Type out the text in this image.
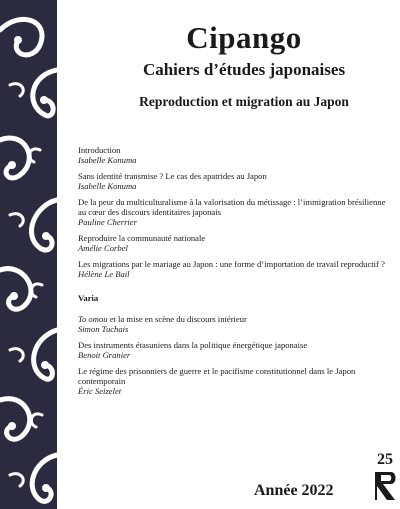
Cipango
Cahiers d’études japonaises
Reproduction et migration au Japon
Introduction
Isabelle Konuma
Sans identité transmise ? Le cas des apatrides au Japon
Isabelle Konuma
De la peur du multiculturalisme à la valorisation du métissage : l’immigration brésilienne au cœur des discours identitaires japonais
Pauline Cherrier
Reproduire la communauté nationale
Amélie Corbel
Les migrations par le mariage au Japon : une forme d’importation de travail reproductif ?
Hélène Le Bail
Varia
To omou et la mise en scène du discours intérieur
Simon Tuchais
Des instruments étasuniens dans la politique énergétique japonaise
Benoit Granier
Le régime des prisonniers de guerre et le pacifisme constitutionnel dans le Japon contemporain
Éric Seizelet
25
Année 2022
